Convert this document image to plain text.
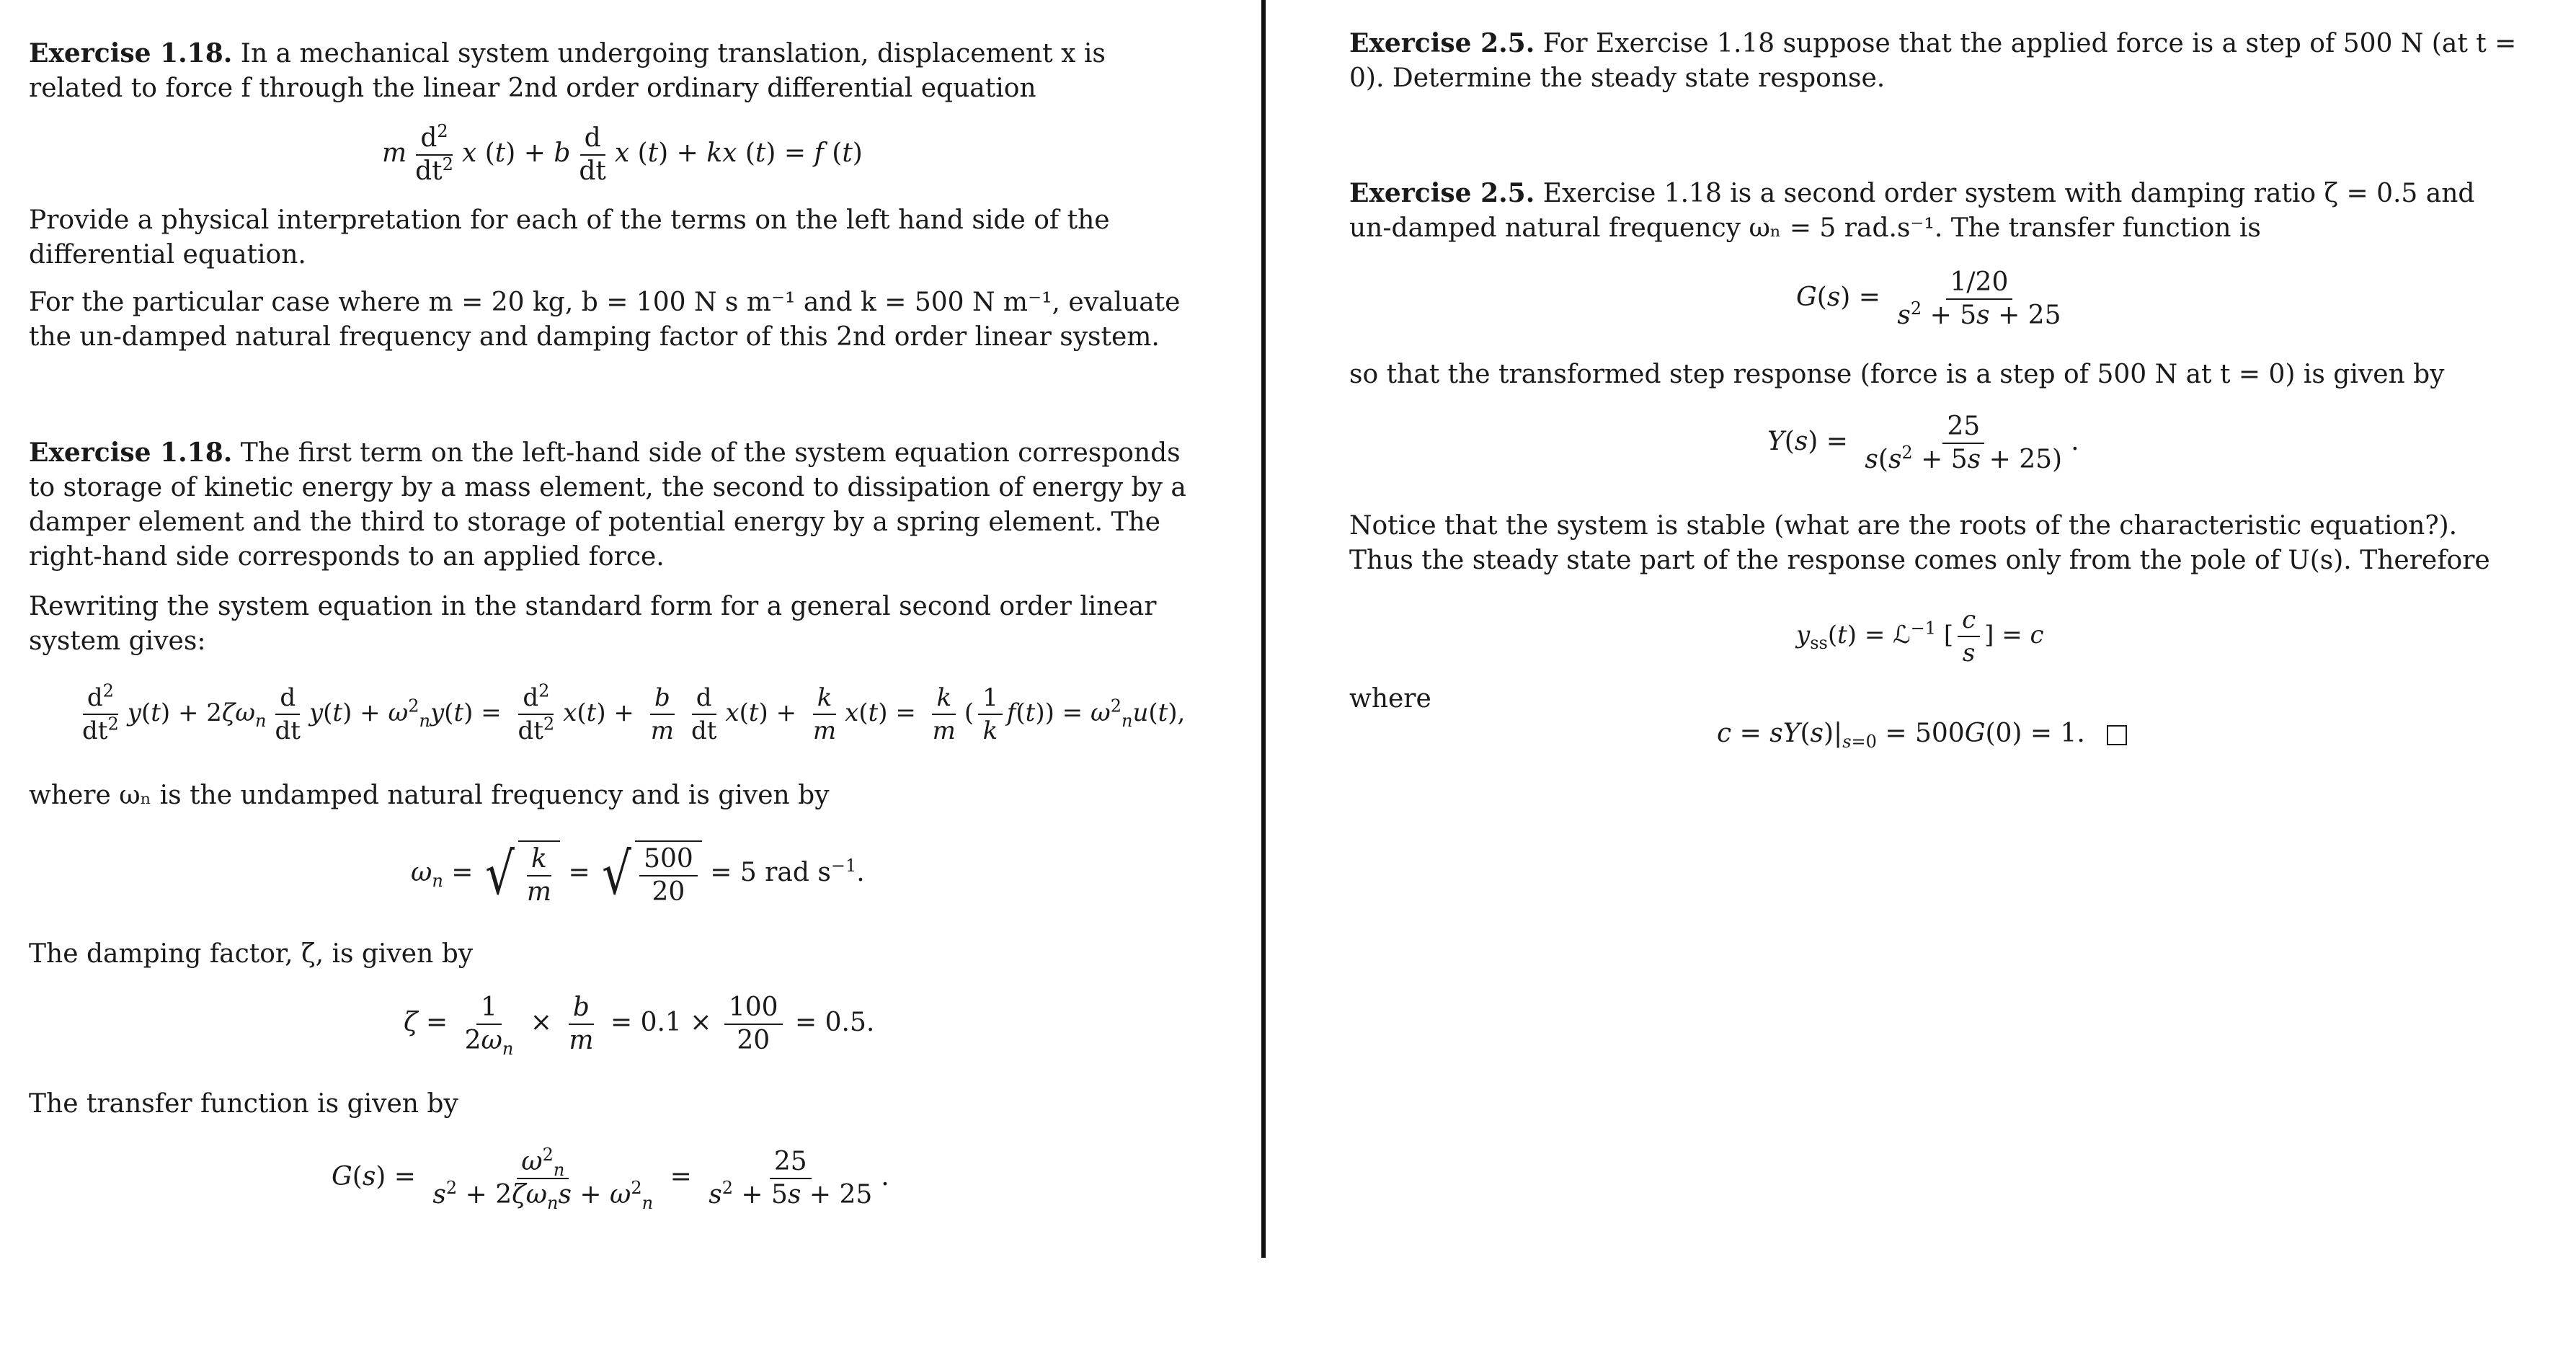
Exercise 1.18. In a mechanical system undergoing translation, displacement x is related to force f through the linear 2nd order ordinary differential equation

m $\frac{d^2}{dt^2}$ x (t) + b $\frac{d}{dt}$ x (t) + kx (t) = f (t)

Provide a physical interpretation for each of the terms on the left hand side of the differential equation.

For the particular case where m = 20 kg, b = 100 N s m⁻¹ and k = 500 N m⁻¹, evaluate the un-damped natural frequency and damping factor of this 2nd order linear system.

Exercise 1.18. The first term on the left-hand side of the system equation corresponds to storage of kinetic energy by a mass element, the second to dissipation of energy by a damper element and the third to storage of potential energy by a spring element. The right-hand side corresponds to an applied force.

Rewriting the system equation in the standard form for a general second order linear system gives:

$\frac{d^2}{dt^2} y(t) + 2\zeta\omega_n \frac{d}{dt} y(t) + \omega^2_ny(t) = \frac{d^2}{dt^2} x(t) + \frac{b}{m} \frac{d}{dt} x(t) + \frac{k}{m} x(t) = \frac{k}{m}$ ( $\frac{1}{k} f(t)) = \omega^2_nu(t)$,

where ωₙ is the undamped natural frequency and is given by

$\omega_n$ = √ $\frac{k}{m}$ = √ $\frac{500}{20} = 5$ rad $s^{-1}$.

The damping factor, ζ, is given by

$\zeta = \frac{1}{2\omega_n} \times \frac{b}{m} = 0.1 \times \frac{100}{20} = 0.5$.

The transfer function is given by

$G(s) = \frac{\omega^2_n}{s^2 + 2\zeta\omega_ns + \omega^2_n} = \frac{25}{s^2 + 5s + 25}$ .

Exercise 2.5. For Exercise 1.18 suppose that the applied force is a step of 500 N (at t = 0). Determine the steady state response.

Exercise 2.5. Exercise 1.18 is a second order system with damping ratio ζ = 0.5 and un-damped natural frequency ωₙ = 5 rad.s⁻¹. The transfer function is

$G(s) = \frac{1/20}{s^2 + 5s + 25}$

so that the transformed step response (force is a step of 500 N at t = 0) is given by

$Y(s) = \frac{25}{s(s^2 + 5s + 25)}$ .

Notice that the system is stable (what are the roots of the characteristic equation?). Thus the steady state part of the response comes only from the pole of U(s). Therefore

$y_{ss}(t)$ = ℒ$^{-1}$ [ $\frac{c}{s}$ ] = c

where

$c = sY(s)|_{s=0} = 500G(0) = 1$.
